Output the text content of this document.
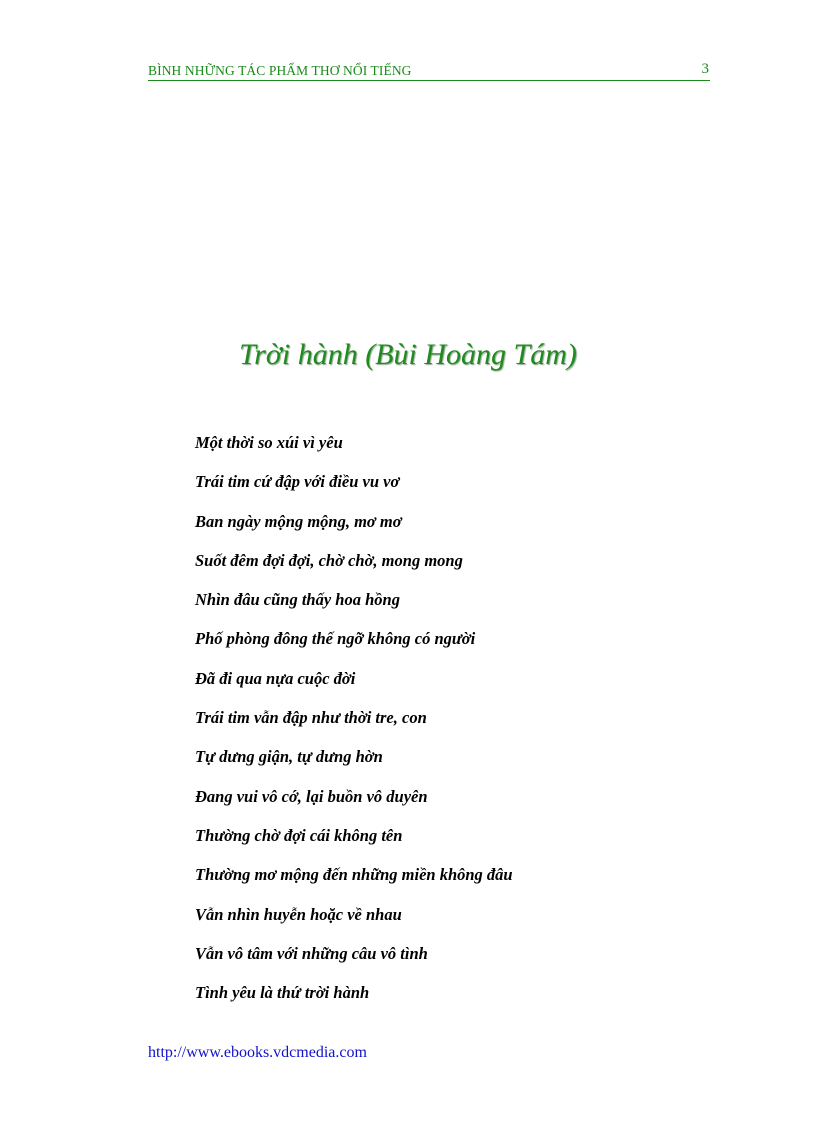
BÌNH NHỮNG TÁC PHẨM THƠ NỔI TIẾNG	3
Trời hành (Bùi Hoàng Tám)
Một thời so xúi vì yêu
Trái tim cứ đập với điều vu vơ
Ban ngày mộng mộng, mơ mơ
Suốt đêm đợi đợi, chờ chờ, mong mong
Nhìn đâu cũng thấy hoa hồng
Phố phòng đông thế ngỡ không có người
Đã đi qua nựa cuộc đời
Trái tim vẫn đập như thời tre, con
Tự dưng giận, tự dưng hờn
Đang vui vô cớ, lại buồn vô duyên
Thường chờ đợi cái không tên
Thường mơ mộng đến những miền không đâu
Vẫn nhìn huyễn hoặc về nhau
Vẫn vô tâm với những câu vô tình
Tình yêu là thứ trời hành
http://www.ebooks.vdcmedia.com
